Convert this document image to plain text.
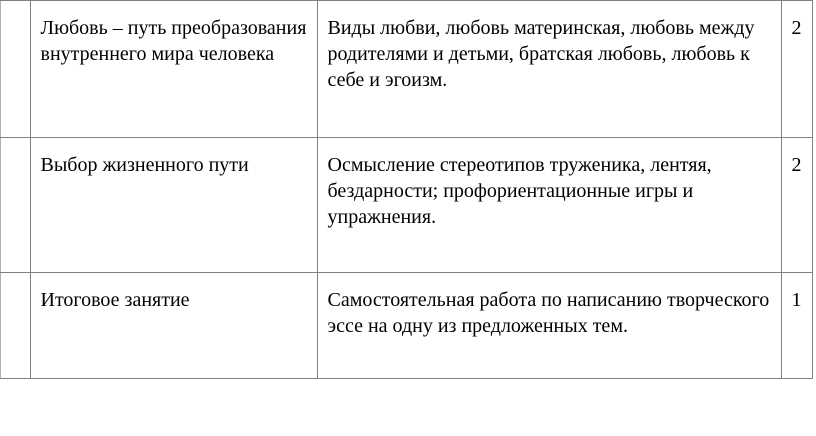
	Любовь – путь преобразования внутреннего мира человека	Виды любви, любовь материнская, любовь между родителями и детьми, братская любовь, любовь к себе и эгоизм.	2

	Выбор жизненного пути	Осмысление стереотипов труженика, лентяя, бездарности; профориентационные игры и упражнения.	2

	Итоговое занятие	Самостоятельная работа по написанию творческого эссе на одну из предложенных тем.	1
